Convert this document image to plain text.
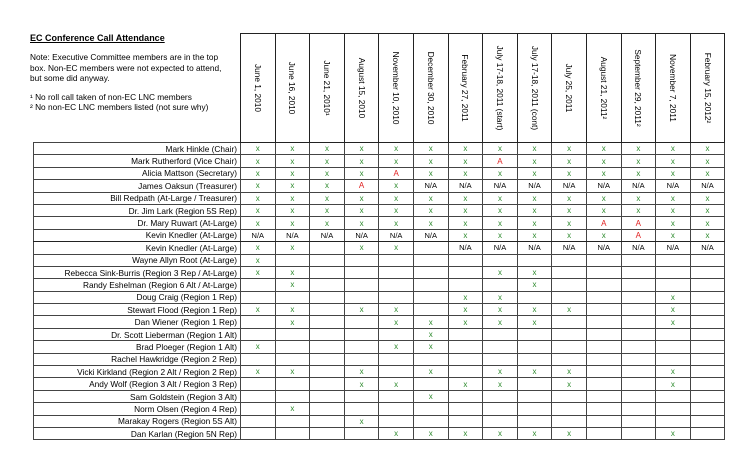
EC Conference Call Attendance
Note: Executive Committee members are in the top box. Non-EC members were not expected to attend, but some did anyway.

¹ No roll call taken of non-EC LNC members

² No non-EC LNC members listed (not sure why)

	June 1, 2010	June 16, 2010	June 21, 2010¹	August 15, 2010	November 10, 2010	December 30, 2010	February 27, 2011	July 17-18, 2011 (start)	July 17-18, 2011 (cont)	July 25, 2011	August 21, 2011²	September 29, 2011²	November 7, 2011	February 15, 2012²

Mark Hinkle (Chair)	x	x	x	x	x	x	x	x	x	x	x	x	x	x
Mark Rutherford (Vice Chair)	x	x	x	x	x	x	x	A	x	x	x	x	x	x
Alicia Mattson (Secretary)	x	x	x	x	A	x	x	x	x	x	x	x	x	x
James Oaksun (Treasurer)	x	x	x	A	x	N/A	N/A	N/A	N/A	N/A	N/A	N/A	N/A	N/A
Bill Redpath (At-Large / Treasurer)	x	x	x	x	x	x	x	x	x	x	x	x	x	x
Dr. Jim Lark (Region 5S Rep)	x	x	x	x	x	x	x	x	x	x	x	x	x	x
Dr. Mary Ruwart (At-Large)	x	x	x	x	x	x	x	x	x	x	A	A	x	x
Kevin Knedler (At-Large)	N/A	N/A	N/A	N/A	N/A	N/A	x	x	x	x	x	A	x	x
Kevin Knedler (At-Large)	x	x		x	x		N/A	N/A	N/A	N/A	N/A	N/A	N/A	N/A
Wayne Allyn Root (At-Large)	x													
Rebecca Sink-Burris (Region 3 Rep / At-Large)	x	x						x	x					
Randy Eshelman (Region 6 Alt / At-Large)		x							x					
Doug Craig (Region 1 Rep)							x	x					x	
Stewart Flood (Region 1 Rep)	x	x		x	x		x	x	x	x			x	
Dan Wiener (Region 1 Rep)		x			x	x	x	x	x				x	
Dr. Scott Lieberman (Region 1 Alt)						x								
Brad Ploeger (Region 1 Alt)	x				x	x								
Rachel Hawkridge (Region 2 Rep)														
Vicki Kirkland (Region 2 Alt / Region 2 Rep)	x	x		x		x		x	x	x			x	
Andy Wolf (Region 3 Alt / Region 3 Rep)				x	x		x	x		x			x	
Sam Goldstein (Region 3 Alt)						x								
Norm Olsen (Region 4 Rep)		x												
Marakay Rogers (Region 5S Alt)				x										
Dan Karlan (Region 5N Rep)					x	x	x	x	x	x			x	
